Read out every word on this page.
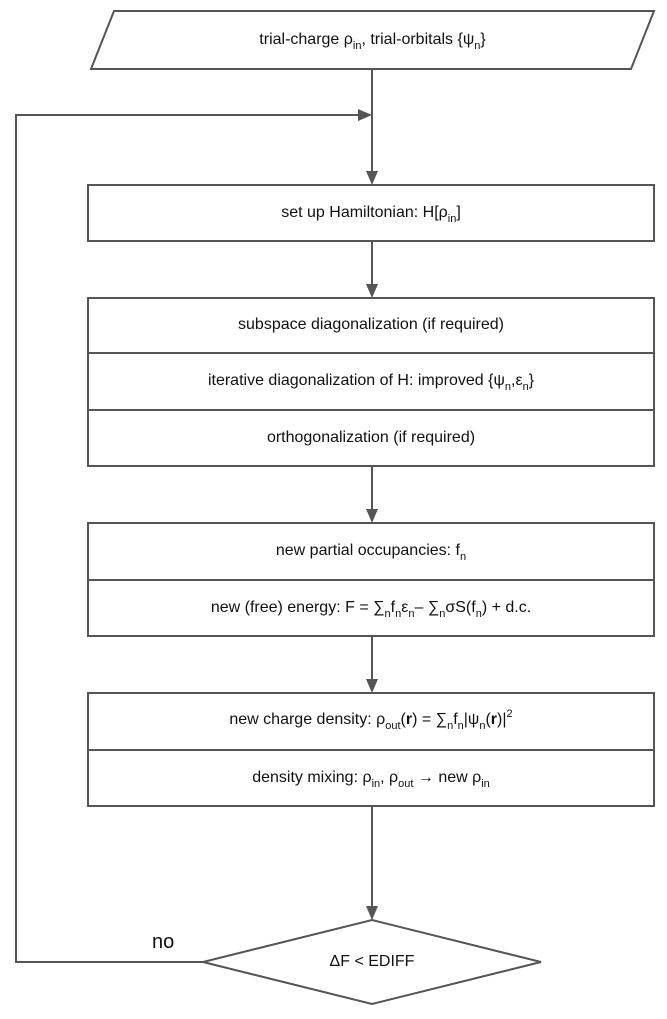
trial-charge $\rho_{in}$, trial-orbitals $\{\psi_n\}$
set up Hamiltonian: $H[\rho_{in}]$
subspace diagonalization (if required)
iterative diagonalization of H: improved $\{\psi_n,\varepsilon_n\}$
orthogonalization (if required)
new partial occupancies: $f_n$
new (free) energy: $F = \sum_nf_n\varepsilon_n-$ $\sum_n\sigma S(f_n) + d.c$.
new charge density: $\rho_{out}(r) = \sum_nf_n|\psi_n(r)|^2$
density mixing: $\rho_{in}$, $\rho_{out}$ → new $\rho_{in}$
ΔF < EDIFF
no
